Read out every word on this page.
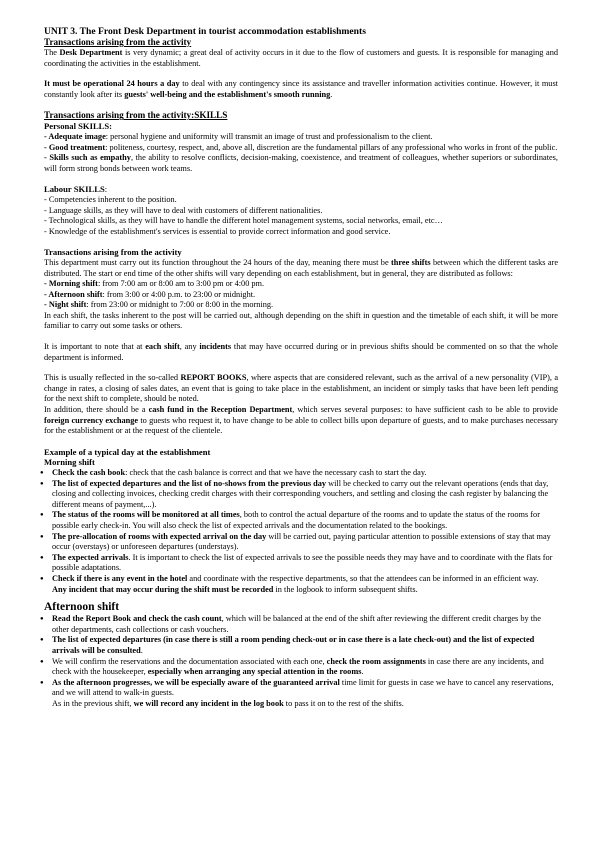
UNIT 3. The Front Desk Department in tourist accommodation establishments
Transactions arising from the activity

The Desk Department is very dynamic; a great deal of activity occurs in it due to the flow of customers and guests. It is responsible for managing and coordinating the activities in the establishment.

It must be operational 24 hours a day to deal with any contingency since its assistance and traveller information activities continue. However, it must constantly look after its guests' well-being and the establishment's smooth running.

Transactions arising from the activity:SKILLS
Personal SKILLS:

- Adequate image: personal hygiene and uniformity will transmit an image of trust and professionalism to the client.

- Good treatment: politeness, courtesy, respect, and, above all, discretion are the fundamental pillars of any professional who works in front of the public.

- Skills such as empathy, the ability to resolve conflicts, decision-making, coexistence, and treatment of colleagues, whether superiors or subordinates, will form strong bonds between work teams.

Labour SKILLS:

- Competencies inherent to the position.

- Language skills, as they will have to deal with customers of different nationalities.

- Technological skills, as they will have to handle the different hotel management systems, social networks, email, etc…

- Knowledge of the establishment's services is essential to provide correct information and good service.

Transactions arising from the activity

This department must carry out its function throughout the 24 hours of the day, meaning there must be three shifts between which the different tasks are distributed. The start or end time of the other shifts will vary depending on each establishment, but in general, they are distributed as follows:

- Morning shift: from 7:00 am or 8:00 am to 3:00 pm or 4:00 pm.

- Afternoon shift: from 3:00 or 4:00 p.m. to 23:00 or midnight.

- Night shift: from 23:00 or midnight to 7:00 or 8:00 in the morning.

In each shift, the tasks inherent to the post will be carried out, although depending on the shift in question and the timetable of each shift, it will be more familiar to carry out some tasks or others.

It is important to note that at each shift, any incidents that may have occurred during or in previous shifts should be commented on so that the whole department is informed.

This is usually reflected in the so-called REPORT BOOKS, where aspects that are considered relevant, such as the arrival of a new personality (VIP), a change in rates, a closing of sales dates, an event that is going to take place in the establishment, an incident or simply tasks that have been left pending for the next shift to complete, should be noted.

In addition, there should be a cash fund in the Reception Department, which serves several purposes: to have sufficient cash to be able to provide foreign currency exchange to guests who request it, to have change to be able to collect bills upon departure of guests, and to make purchases necessary for the establishment or at the request of the clientele.

Example of a typical day at the establishment
Morning shift
● Check the cash book: check that the cash balance is correct and that we have the necessary cash to start the day.
● The list of expected departures and the list of no-shows from the previous day will be checked to carry out the relevant operations (ends that day, closing and collecting invoices, checking credit charges with their corresponding vouchers, and settling and closing the cash register by balancing the different means of payment,...).
● The status of the rooms will be monitored at all times, both to control the actual departure of the rooms and to update the status of the rooms for possible early check-in. You will also check the list of expected arrivals and the documentation related to the bookings.
● The pre-allocation of rooms with expected arrival on the day will be carried out, paying particular attention to possible extensions of stay that may occur (overstays) or unforeseen departures (understays).
● The expected arrivals. It is important to check the list of expected arrivals to see the possible needs they may have and to coordinate with the flats for possible adaptations.
● Check if there is any event in the hotel and coordinate with the respective departments, so that the attendees can be informed in an efficient way.

Any incident that may occur during the shift must be recorded in the logbook to inform subsequent shifts.

Afternoon shift
● Read the Report Book and check the cash count, which will be balanced at the end of the shift after reviewing the different credit charges by the other departments, cash collections or cash vouchers.
● The list of expected departures (in case there is still a room pending check-out or in case there is a late check-out) and the list of expected arrivals will be consulted.
● We will confirm the reservations and the documentation associated with each one, check the room assignments in case there are any incidents, and check with the housekeeper, especially when arranging any special attention in the rooms.
● As the afternoon progresses, we will be especially aware of the guaranteed arrival time limit for guests in case we have to cancel any reservations, and we will attend to walk-in guests.

As in the previous shift, we will record any incident in the log book to pass it on to the rest of the shifts.
